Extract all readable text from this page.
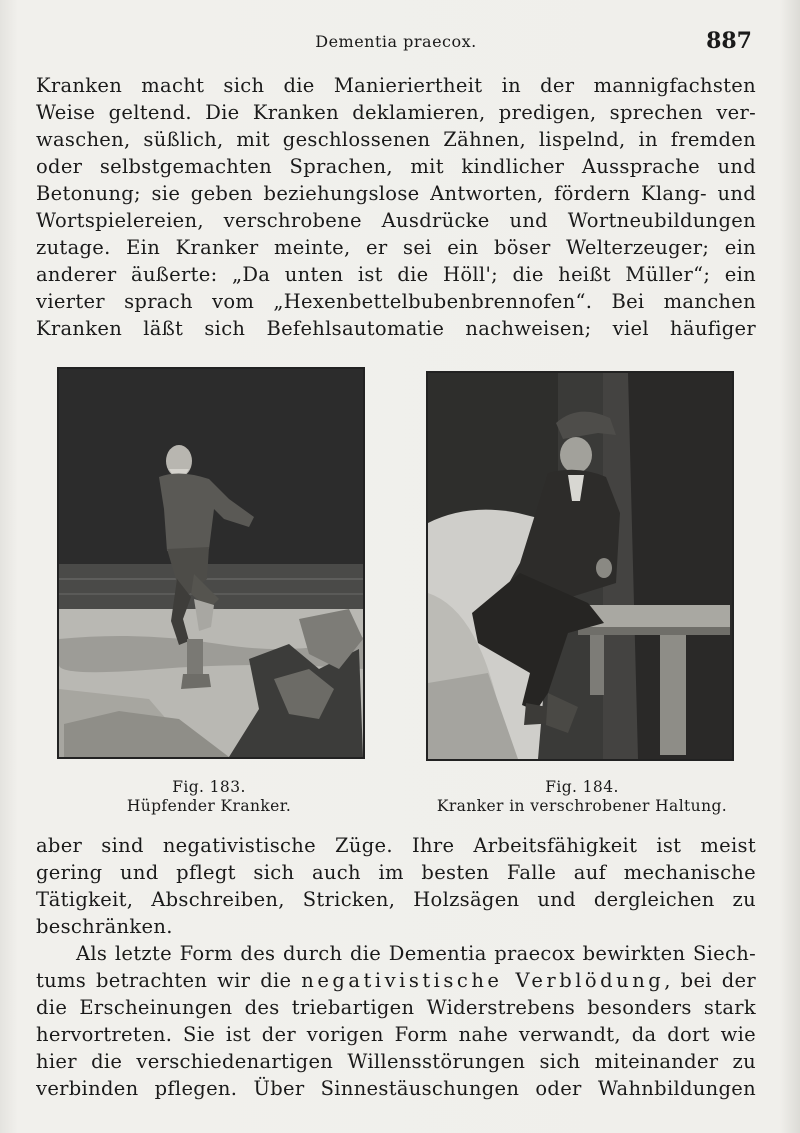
Dementia praecox.	887
Kranken macht sich die Manieriertheit in der mannigfachsten
Weise geltend. Die Kranken deklamieren, predigen, sprechen ver-
waschen, süßlich, mit geschlossenen Zähnen, lispelnd, in fremden
oder selbstgemachten Sprachen, mit kindlicher Aussprache und
Betonung; sie geben beziehungslose Antworten, fördern Klang- und
Wortspielereien, verschrobene Ausdrücke und Wortneubildungen
zutage. Ein Kranker meinte, er sei ein böser Welterzeuger; ein
anderer äußerte: „Da unten ist die Höll'; die heißt Müller“; ein
vierter sprach vom „Hexenbettelbubenbrennofen“. Bei manchen
Kranken läßt sich Befehlsautomatie nachweisen; viel häufiger
Fig. 183.
Hüpfender Kranker.
Fig. 184.
Kranker in verschrobener Haltung.
aber sind negativistische Züge. Ihre Arbeitsfähigkeit ist meist
gering und pflegt sich auch im besten Falle auf mechanische
Tätigkeit, Abschreiben, Stricken, Holzsägen und dergleichen zu
beschränken.
Als letzte Form des durch die Dementia praecox bewirkten Siech-
tums betrachten wir die negativistische Verblödung, bei der
die Erscheinungen des triebartigen Widerstrebens besonders stark
hervortreten. Sie ist der vorigen Form nahe verwandt, da dort wie
hier die verschiedenartigen Willensstörungen sich miteinander zu
verbinden pflegen. Über Sinnestäuschungen oder Wahnbildungen
